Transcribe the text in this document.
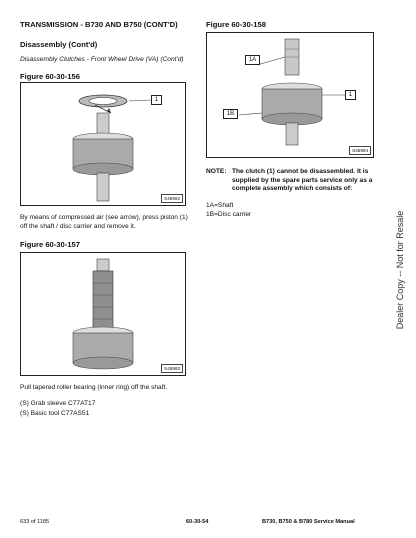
TRANSMISSION - B730 AND B750 (CONT'D)
Disassembly (Cont'd)
Disassembly Clutches - Front Wheel Drive (VA) (Cont'd)
Figure 60-30-156
1
S45992
By means of compressed air (see arrow), press piston (1) off the shaft / disc carrier and remove it.
Figure 60-30-157
S45993
Pull tapered roller bearing (inner ring) off the shaft.
(S) Grab sleeve C77AT17
(S) Basic tool C77AS51
Figure 60-30-158
1A
1
1B
S45994
NOTE: The clutch (1) cannot be disassembled. It is supplied by the spare parts service only as a complete assembly which consists of:
1A=Shaft
1B=Disc carrier	Dealer Copy -- Not for Resale
633 of 1185	60-30-54	B730, B750 & B780 Service Manual
